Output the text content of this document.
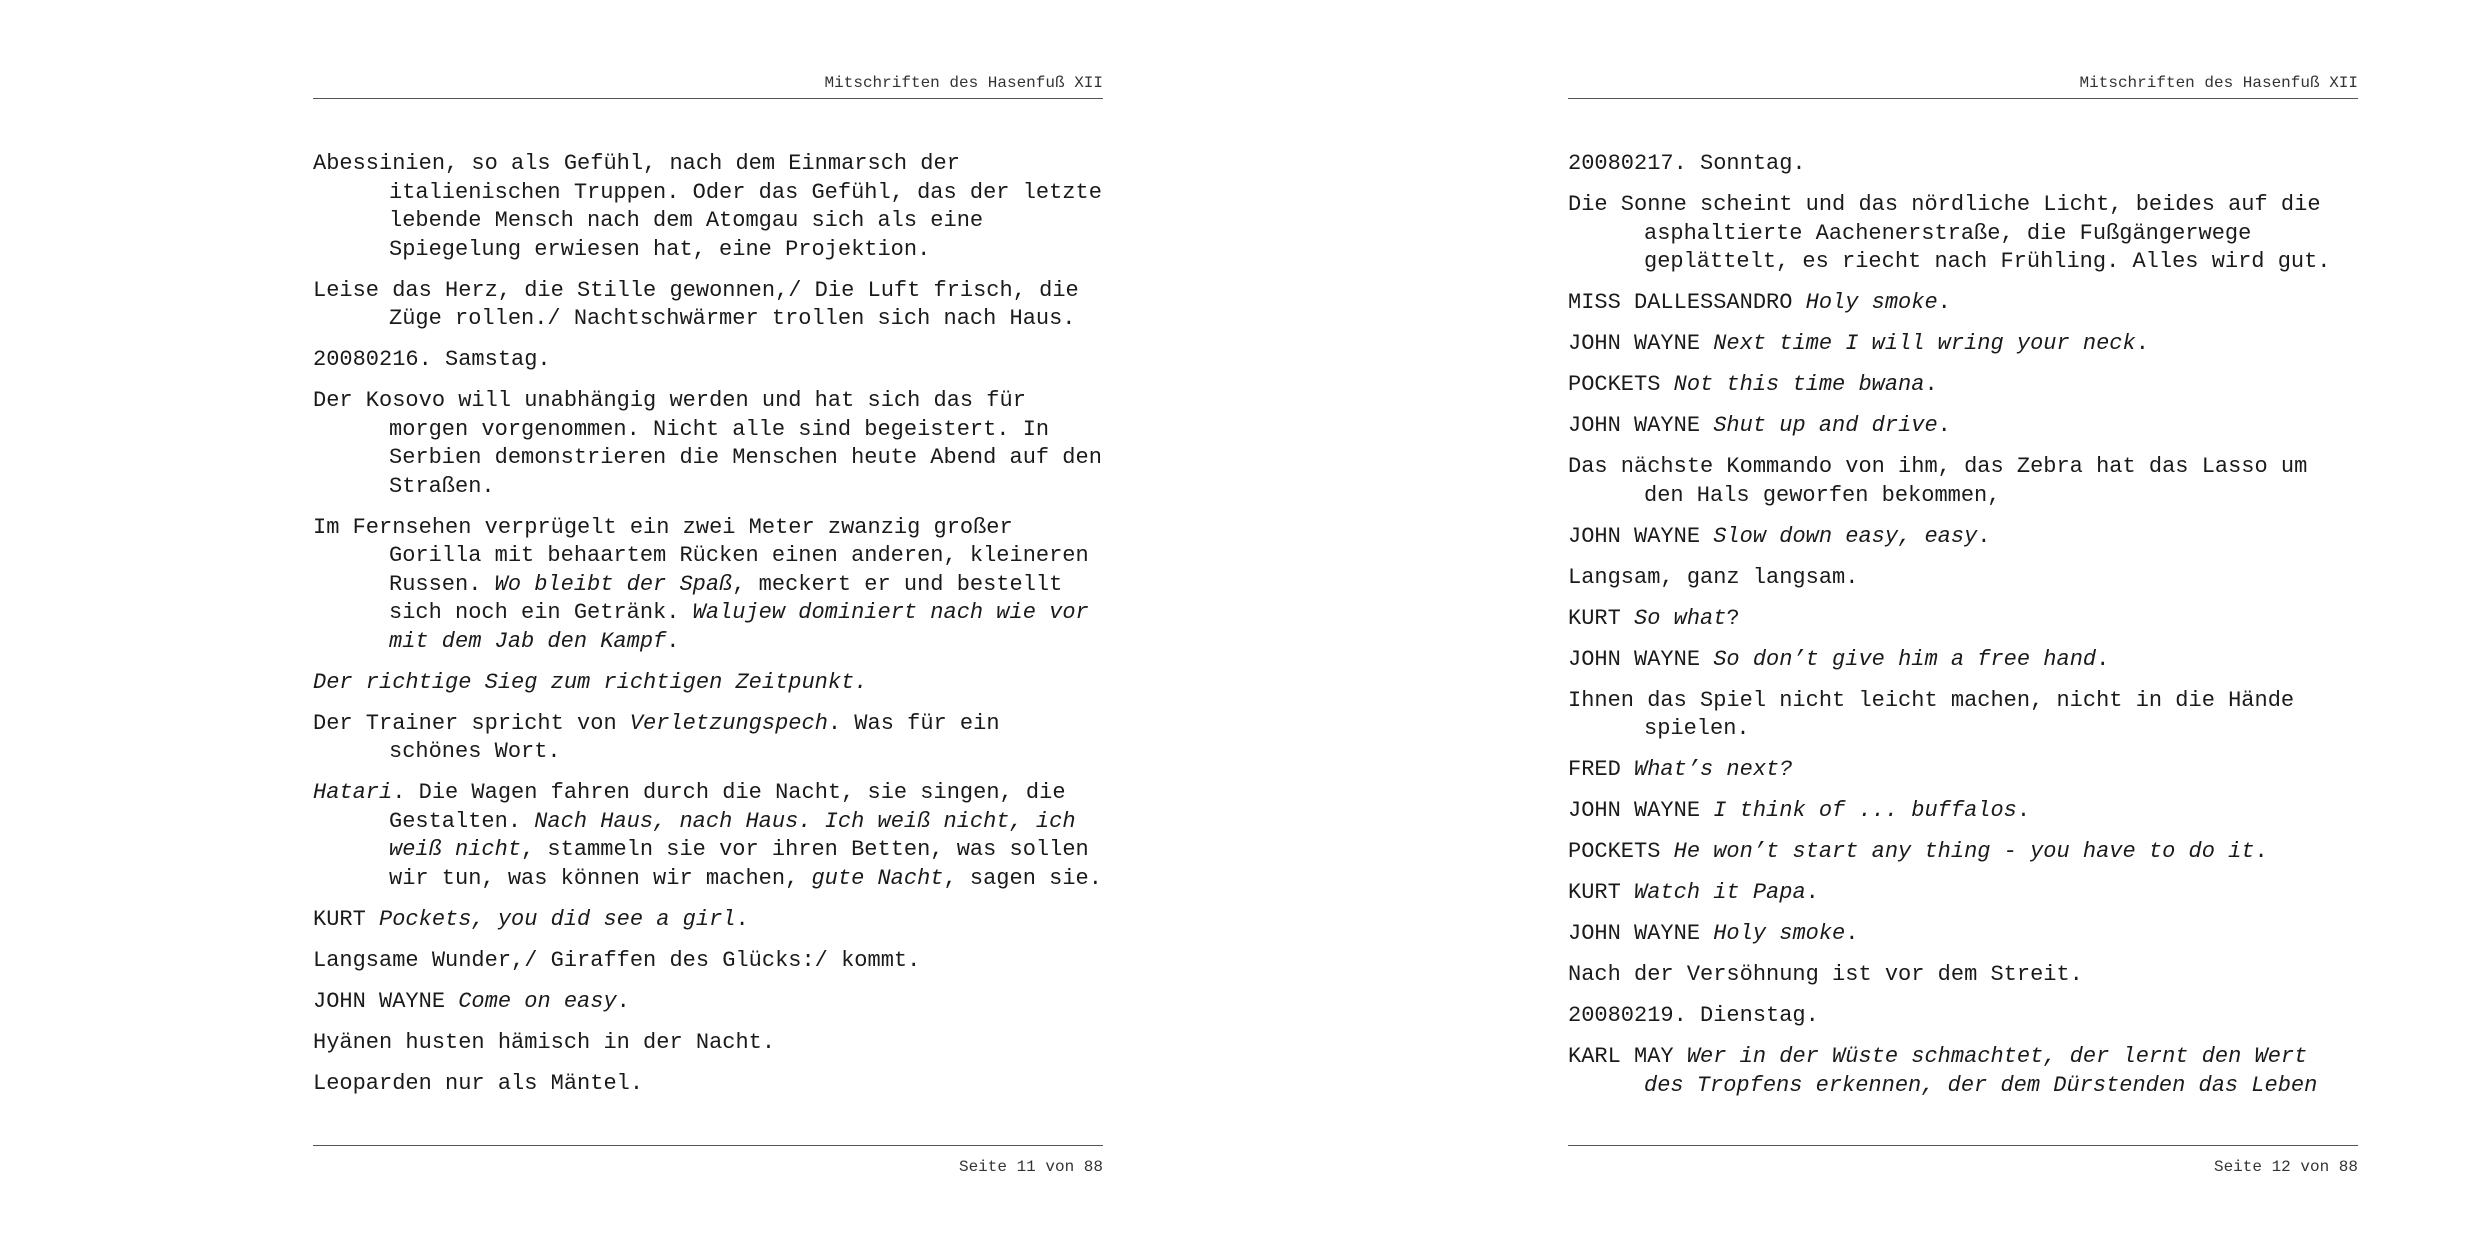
Mitschriften des Hasenfuß XII

Abessinien, so als Gefühl, nach dem Einmarsch der italienischen Truppen. Oder das Gefühl, das der letzte lebende Mensch nach dem Atomgau sich als eine Spiegelung erwiesen hat, eine Projektion.

Leise das Herz, die Stille gewonnen,/ Die Luft frisch, die Züge rollen./ Nachtschwärmer trollen sich nach Haus.

20080216. Samstag.

Der Kosovo will unabhängig werden und hat sich das für morgen vorgenommen. Nicht alle sind begeistert. In Serbien demonstrieren die Menschen heute Abend auf den Straßen.

Im Fernsehen verprügelt ein zwei Meter zwanzig großer Gorilla mit behaartem Rücken einen anderen, kleineren Russen. Wo bleibt der Spaß, meckert er und bestellt sich noch ein Getränk. Walujew dominiert nach wie vor mit dem Jab den Kampf.

Der richtige Sieg zum richtigen Zeitpunkt.

Der Trainer spricht von Verletzungspech. Was für ein schönes Wort.

Hatari. Die Wagen fahren durch die Nacht, sie singen, die Gestalten. Nach Haus, nach Haus. Ich weiß nicht, ich weiß nicht, stammeln sie vor ihren Betten, was sollen wir tun, was können wir machen, gute Nacht, sagen sie.

KURT Pockets, you did see a girl.

Langsame Wunder,/ Giraffen des Glücks:/ kommt.

JOHN WAYNE Come on easy.

Hyänen husten hämisch in der Nacht.

Leoparden nur als Mäntel.

Seite 11 von 88
Mitschriften des Hasenfuß XII

20080217. Sonntag.

Die Sonne scheint und das nördliche Licht, beides auf die asphaltierte Aachenerstraße, die Fußgängerwege geplättelt, es riecht nach Frühling. Alles wird gut.

MISS DALLESSANDRO Holy smoke.

JOHN WAYNE Next time I will wring your neck.

POCKETS Not this time bwana.

JOHN WAYNE Shut up and drive.

Das nächste Kommando von ihm, das Zebra hat das Lasso um den Hals geworfen bekommen,

JOHN WAYNE Slow down easy, easy.

Langsam, ganz langsam.

KURT So what?

JOHN WAYNE So don’t give him a free hand.

Ihnen das Spiel nicht leicht machen, nicht in die Hände spielen.

FRED What’s next?

JOHN WAYNE I think of ... buffalos.

POCKETS He won’t start any thing - you have to do it.

KURT Watch it Papa.

JOHN WAYNE Holy smoke.

Nach der Versöhnung ist vor dem Streit.

20080219. Dienstag.

KARL MAY Wer in der Wüste schmachtet, der lernt den Wert des Tropfens erkennen, der dem Dürstenden das Leben

Seite 12 von 88
